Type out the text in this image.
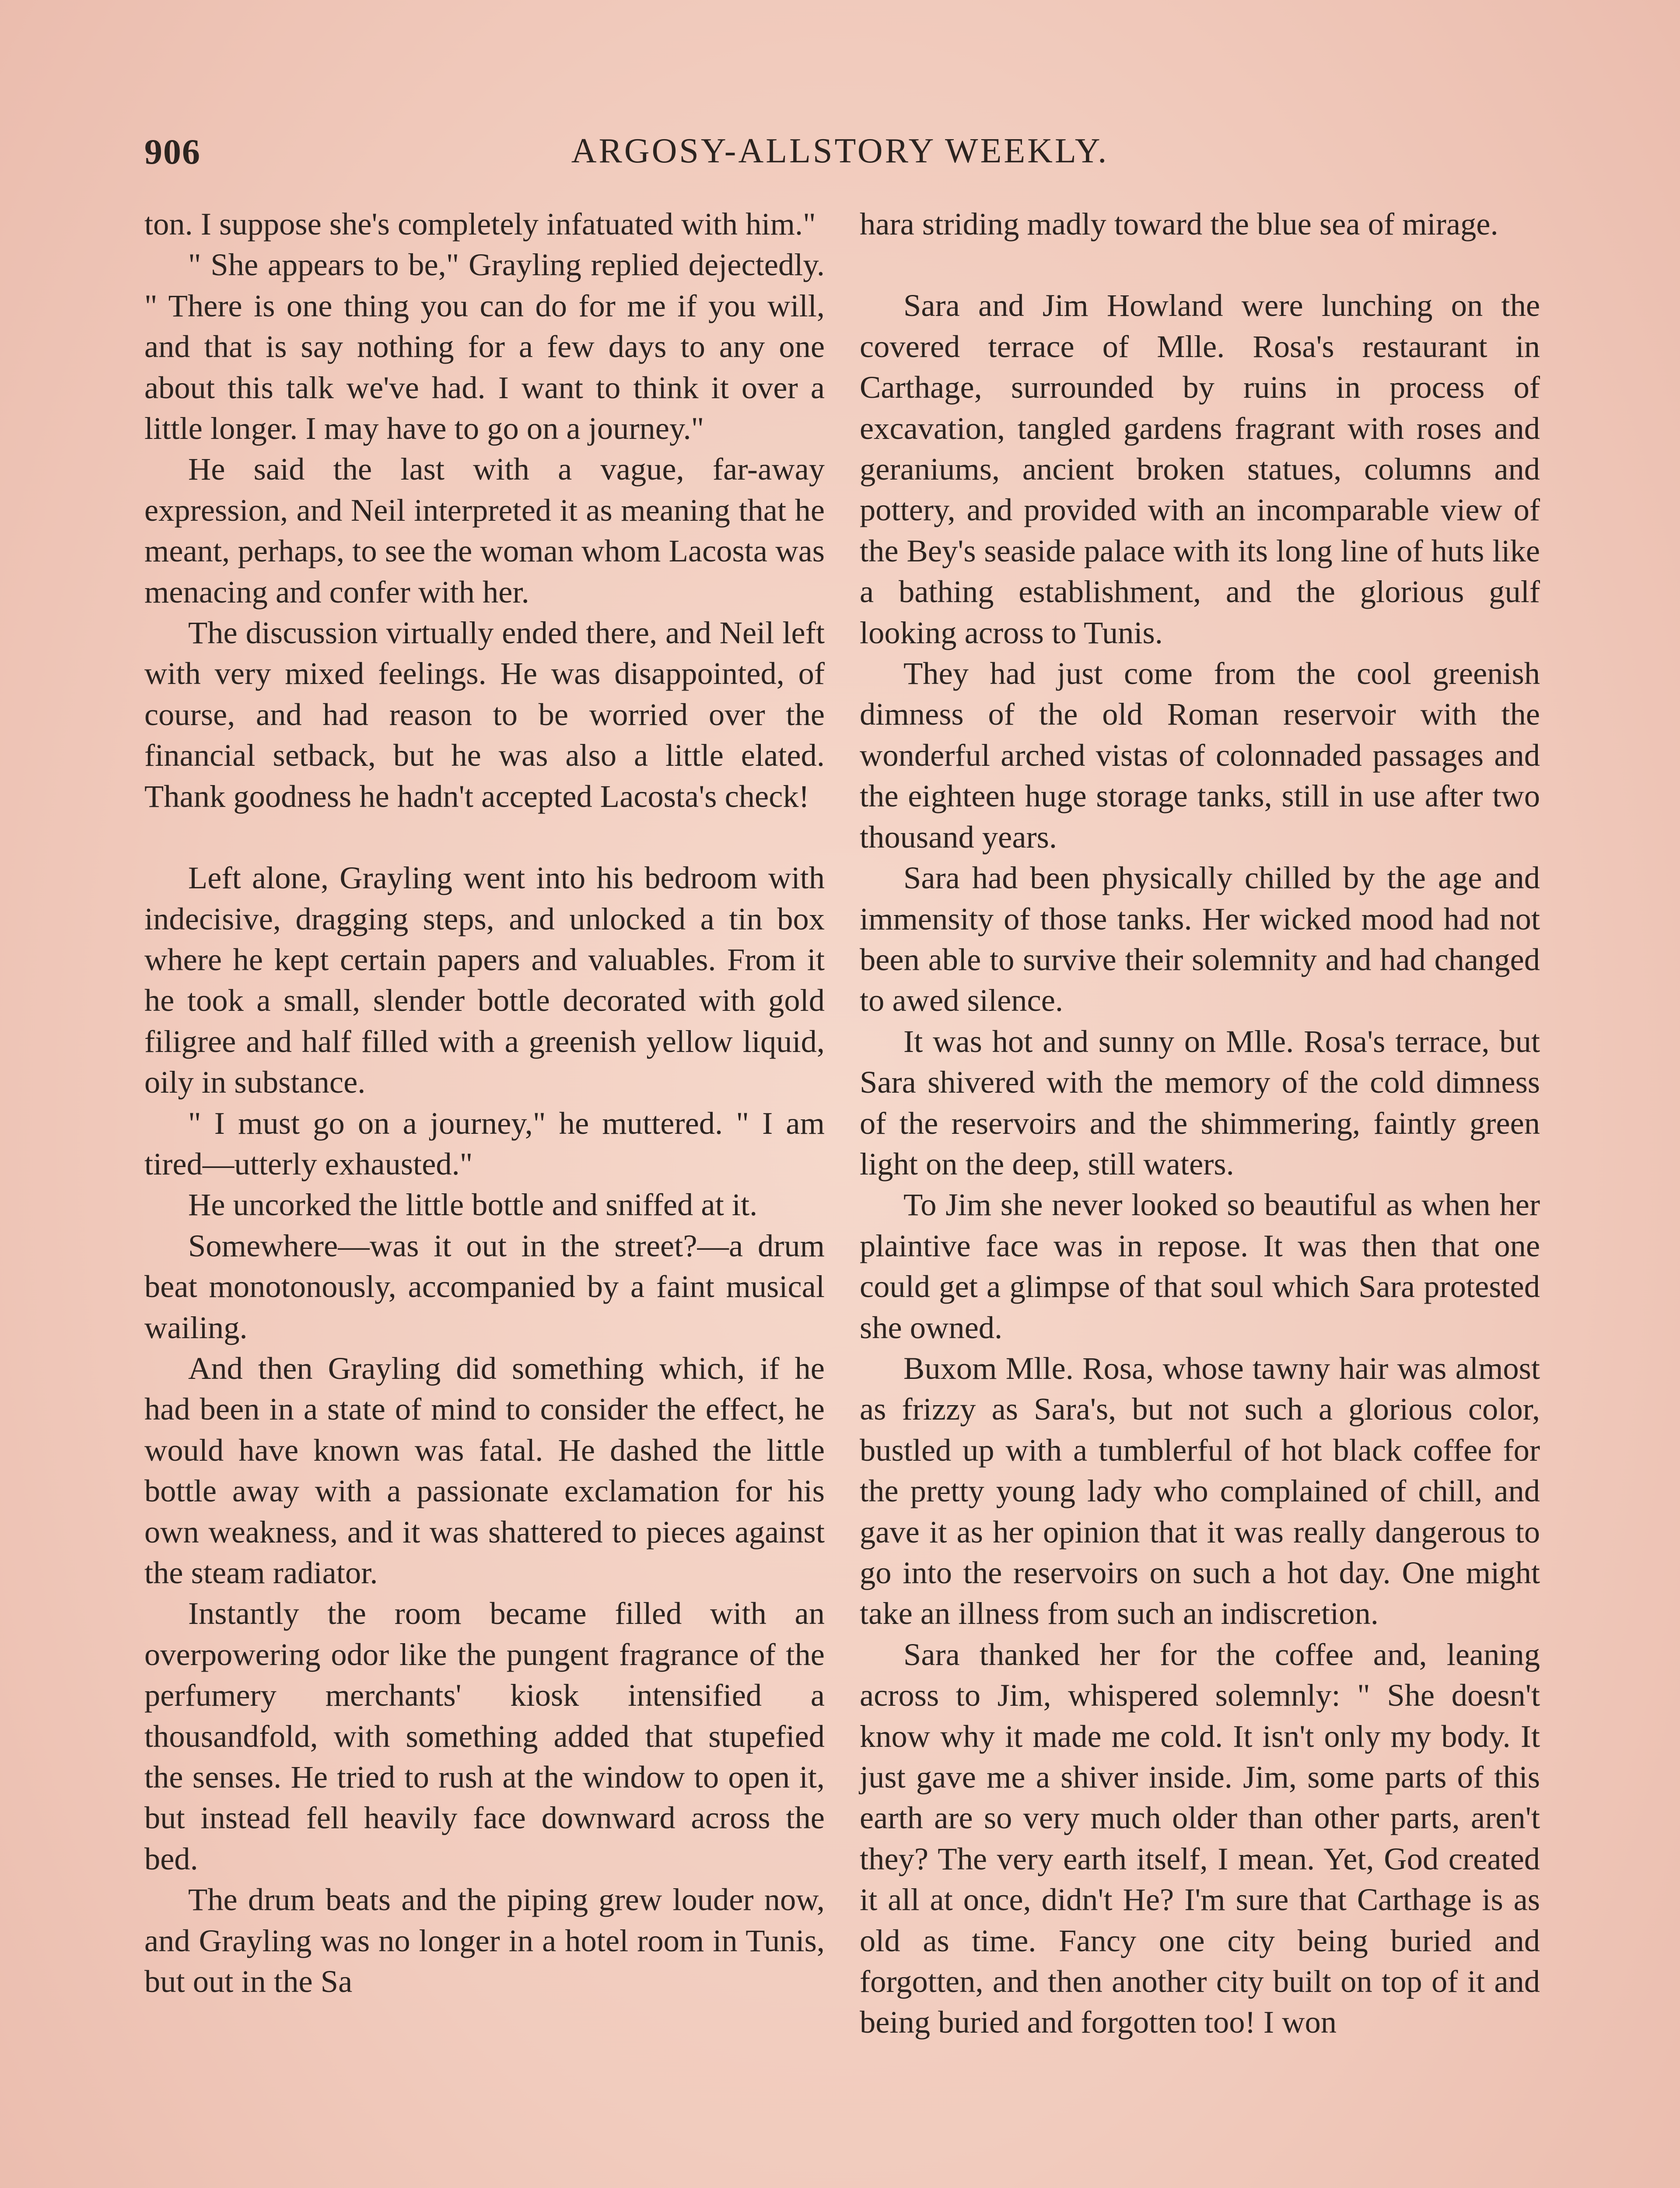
906	ARGOSY-ALLSTORY WEEKLY.

ton. I suppose she's completely infatuated with him."

" She appears to be," Grayling replied dejectedly. " There is one thing you can do for me if you will, and that is say nothing for a few days to any one about this talk we've had. I want to think it over a little longer. I may have to go on a journey."

He said the last with a vague, far-away expression, and Neil interpreted it as meaning that he meant, perhaps, to see the woman whom Lacosta was menacing and confer with her.

The discussion virtually ended there, and Neil left with very mixed feelings. He was disappointed, of course, and had reason to be worried over the financial setback, but he was also a little elated. Thank goodness he hadn't accepted Lacosta's check!

Left alone, Grayling went into his bedroom with indecisive, dragging steps, and unlocked a tin box where he kept certain papers and valuables. From it he took a small, slender bottle decorated with gold filigree and half filled with a greenish yellow liquid, oily in substance.

" I must go on a journey," he muttered. " I am tired—utterly exhausted."

He uncorked the little bottle and sniffed at it.

Somewhere—was it out in the street?—a drum beat monotonously, accompanied by a faint musical wailing.

And then Grayling did something which, if he had been in a state of mind to consider the effect, he would have known was fatal. He dashed the little bottle away with a passionate exclamation for his own weakness, and it was shattered to pieces against the steam radiator.

Instantly the room became filled with an overpowering odor like the pungent fragrance of the perfumery merchants' kiosk intensified a thousandfold, with something added that stupefied the senses. He tried to rush at the window to open it, but instead fell heavily face downward across the bed.

The drum beats and the piping grew louder now, and Grayling was no longer in a hotel room in Tunis, but out in the Sa

hara striding madly toward the blue sea of mirage.

Sara and Jim Howland were lunching on the covered terrace of Mlle. Rosa's restaurant in Carthage, surrounded by ruins in process of excavation, tangled gardens fragrant with roses and geraniums, ancient broken statues, columns and pottery, and provided with an incomparable view of the Bey's seaside palace with its long line of huts like a bathing establishment, and the glorious gulf looking across to Tunis.

They had just come from the cool greenish dimness of the old Roman reservoir with the wonderful arched vistas of colonnaded passages and the eighteen huge storage tanks, still in use after two thousand years.

Sara had been physically chilled by the age and immensity of those tanks. Her wicked mood had not been able to survive their solemnity and had changed to awed silence.

It was hot and sunny on Mlle. Rosa's terrace, but Sara shivered with the memory of the cold dimness of the reservoirs and the shimmering, faintly green light on the deep, still waters.

To Jim she never looked so beautiful as when her plaintive face was in repose. It was then that one could get a glimpse of that soul which Sara protested she owned.

Buxom Mlle. Rosa, whose tawny hair was almost as frizzy as Sara's, but not such a glorious color, bustled up with a tumblerful of hot black coffee for the pretty young lady who complained of chill, and gave it as her opinion that it was really dangerous to go into the reservoirs on such a hot day. One might take an illness from such an indiscretion.

Sara thanked her for the coffee and, leaning across to Jim, whispered solemnly: " She doesn't know why it made me cold. It isn't only my body. It just gave me a shiver inside. Jim, some parts of this earth are so very much older than other parts, aren't they? The very earth itself, I mean. Yet, God created it all at once, didn't He? I'm sure that Carthage is as old as time. Fancy one city being buried and forgotten, and then another city built on top of it and being buried and forgotten too! I won
